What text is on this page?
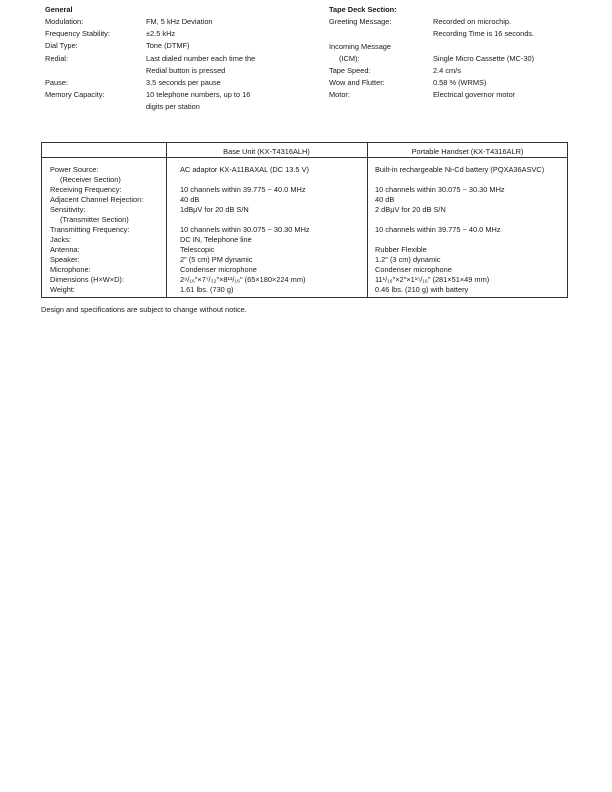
General
Modulation:	FM, 5 kHz Deviation
Frequency Stability:	±2.5 kHz
Dial Type:	Tone (DTMF)
Redial:	Last dialed number each time the
Redial button is pressed
Pause:	3.5 seconds per pause
Memory Capacity:	10 telephone numbers, up to 16
digits per station
Tape Deck Section:
Greeting Message:	Recorded on microchip.
Recording Time is 16 seconds.
Incoming Message
(ICM):	Single Micro Cassette (MC-30)
Tape Speed:	2.4 cm/s
Wow and Flutter:	0.58 % (WRMS)
Motor:	Electrical governor motor
Base Unit (KX-T4316ALH)	Portable Handset (KX-T4316ALR)
Power Source:	AC adaptor KX-A11BAXAL (DC 13.5 V)	Built-in rechargeable Ni-Cd battery (PQXA36ASVC)
(Receiver Section)
Receiving Frequency:	10 channels within 39.775 ~ 40.0 MHz	10 channels within 30.075 ~ 30.30 MHz
Adjacent Channel Rejection:	40 dB	40 dB
Sensitivity:	1dBμV for 20 dB S/N	2 dBμV for 20 dB S/N
(Transmitter Section)
Transmitting Frequency:	10 channels within 30.075 ~ 30.30 MHz	10 channels within 39.775 ~ 40.0 MHz
Jacks:	DC IN, Telephone line
Antenna:	Telescopic	Rubber Flexible
Speaker:	2" (5 cm) PM dynamic	1.2" (3 cm) dynamic
Microphone:	Condenser microphone	Condenser microphone
Dimensions (H×W×D):	2⁹/₁₆"×7⁷/₃₂"×8¹³/₁₆" (65×180×224 mm)	11¹/₁₆"×2"×1¹⁵/₁₆" (281×51×49 mm)
Weight:	1.61 lbs. (730 g)	0.46 lbs. (210 g) with battery
Design and specifications are subject to change without notice.
